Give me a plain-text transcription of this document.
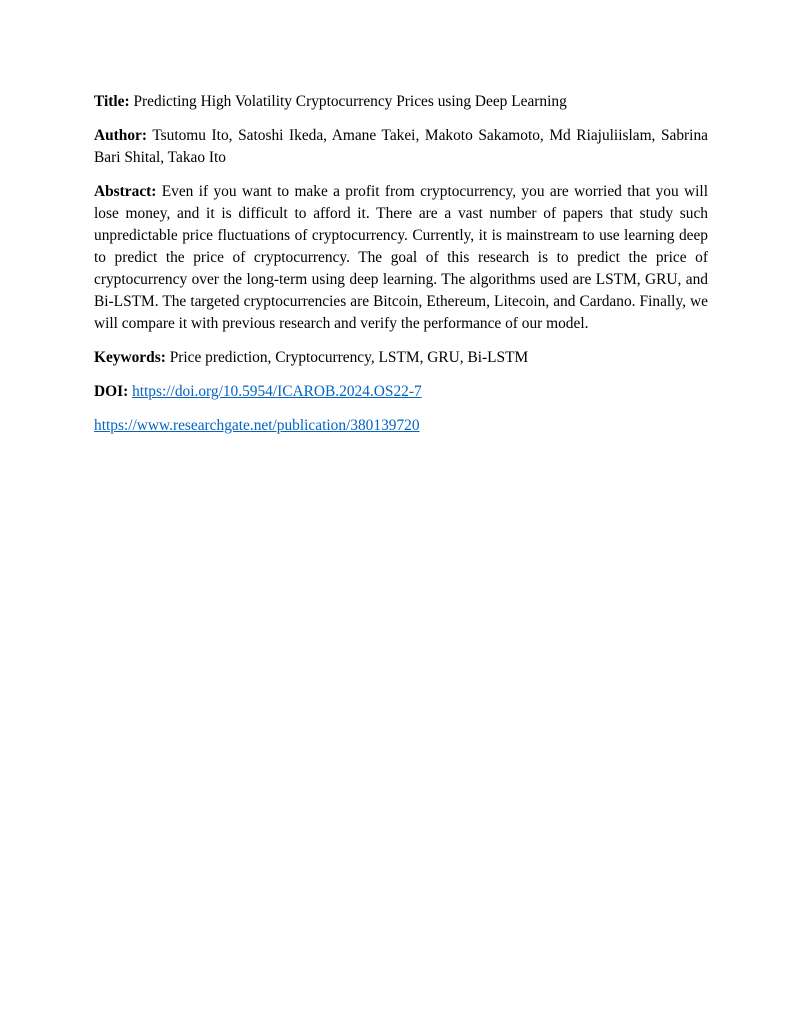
Title: Predicting High Volatility Cryptocurrency Prices using Deep Learning

Author: Tsutomu Ito, Satoshi Ikeda, Amane Takei, Makoto Sakamoto, Md Riajuliislam, Sabrina Bari Shital, Takao Ito

Abstract: Even if you want to make a profit from cryptocurrency, you are worried that you will lose money, and it is difficult to afford it. There are a vast number of papers that study such unpredictable price fluctuations of cryptocurrency. Currently, it is mainstream to use learning deep to predict the price of cryptocurrency. The goal of this research is to predict the price of cryptocurrency over the long-term using deep learning. The algorithms used are LSTM, GRU, and Bi-LSTM. The targeted cryptocurrencies are Bitcoin, Ethereum, Litecoin, and Cardano. Finally, we will compare it with previous research and verify the performance of our model.

Keywords: Price prediction, Cryptocurrency, LSTM, GRU, Bi-LSTM

DOI: https://doi.org/10.5954/ICAROB.2024.OS22-7

https://www.researchgate.net/publication/380139720
